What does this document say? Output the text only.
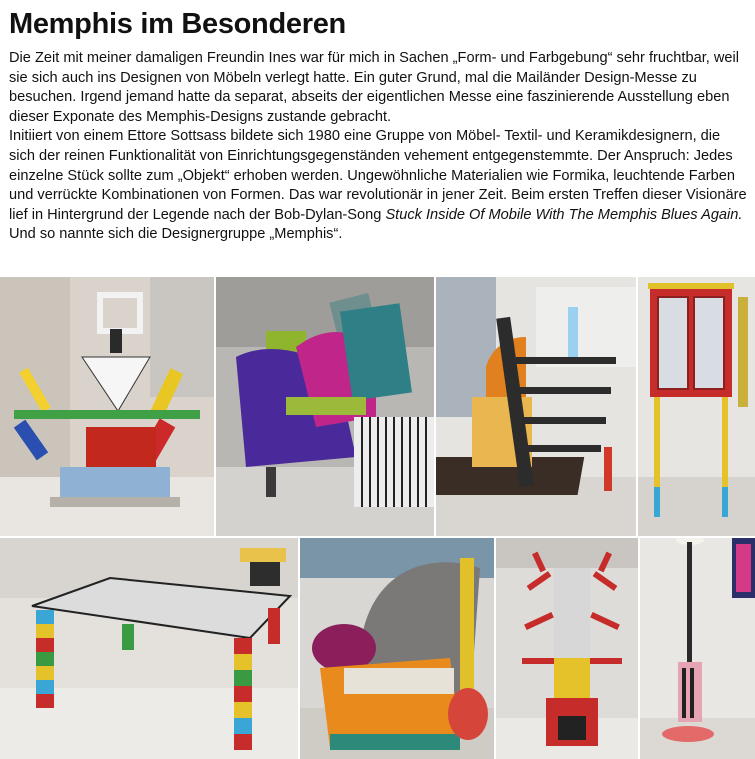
Memphis im Besonderen

Die Zeit mit meiner damaligen Freundin Ines war für mich in Sachen „Form- und Farbgebung“ sehr fruchtbar, weil sie sich auch ins Designen von Möbeln verlegt hatte. Ein guter Grund, mal die Mailänder Design-Messe zu besuchen. Irgend jemand hatte da separat, abseits der eigentlichen Messe eine faszinierende Ausstellung eben dieser Exponate des Memphis-Designs zustande gebracht.

Initiiert von einem Ettore Sottsass bildete sich 1980 eine Gruppe von Möbel- Textil- und Keramikdesignern, die sich der reinen Funktionalität von Einrichtungsgegenständen vehement entgegenstemmte. Der Anspruch: Jedes einzelne Stück sollte zum „Objekt“ erhoben werden. Ungewöhnliche Materialien wie Formika, leuchtende Farben und verrückte Kombinationen von Formen. Das war revolutionär in jener Zeit. Beim ersten Treffen dieser Visionäre lief in Hintergrund der Legende nach der Bob-Dylan-Song Stuck Inside Of Mobile With The Memphis Blues Again. Und so nannte sich die Designergruppe „Memphis“.
